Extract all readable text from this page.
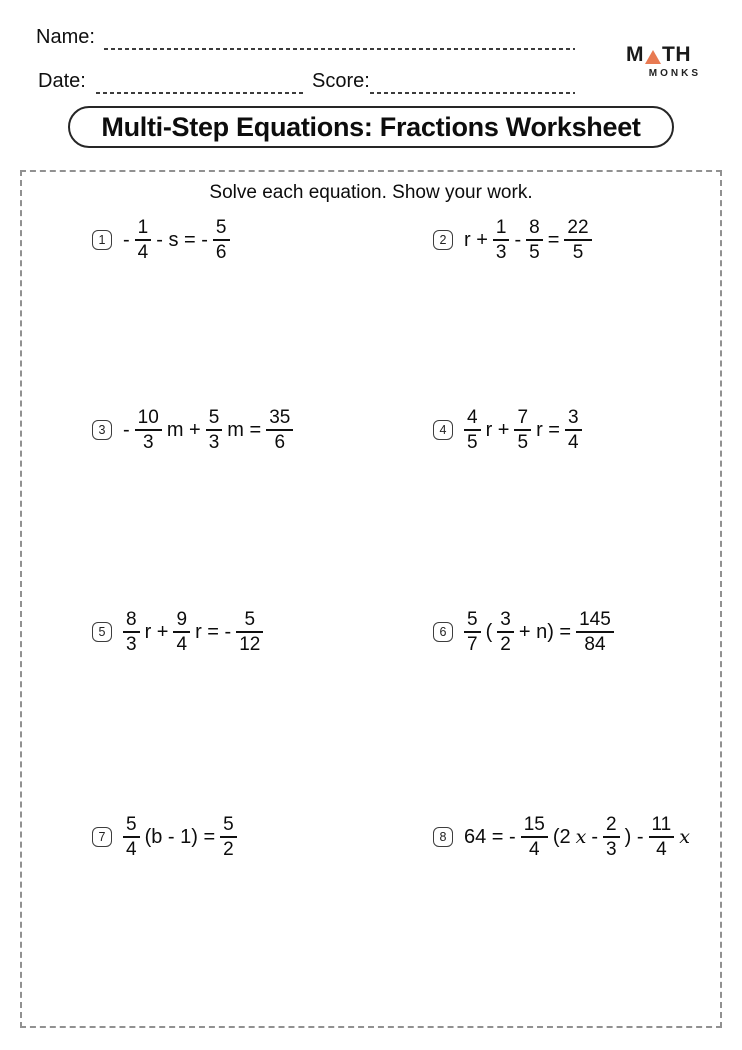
Name:
Date:	Score:
M TH
MONKS
Multi-Step Equations: Fractions Worksheet
Solve each equation. Show your work.
$1 - \frac{1}{4}$ - s = - $\frac{5}{6}$	2 $r + \frac{1}{3} - \frac{8}{5} = \frac{22}{5}$
$3 - \frac{10}{3}$ $m + \frac{5}{3}$ $m = \frac{35}{6}$	$4 \frac{4}{5}$ $r + \frac{7}{5}$ $r = \frac{3}{4}$
$5 \frac{8}{3}$ $r + \frac{9}{4}$ r = - $\frac{5}{12}$	$6 \frac{5}{7}$ ( $\frac{3}{2} + n) = \frac{145}{84}$
$7 \frac{5}{4} (b - 1) = \frac{5}{2}$	8 64 = - $\frac{15}{4} (2$ x - $\frac{2}{3}$ ) - $\frac{11}{4}$ x
